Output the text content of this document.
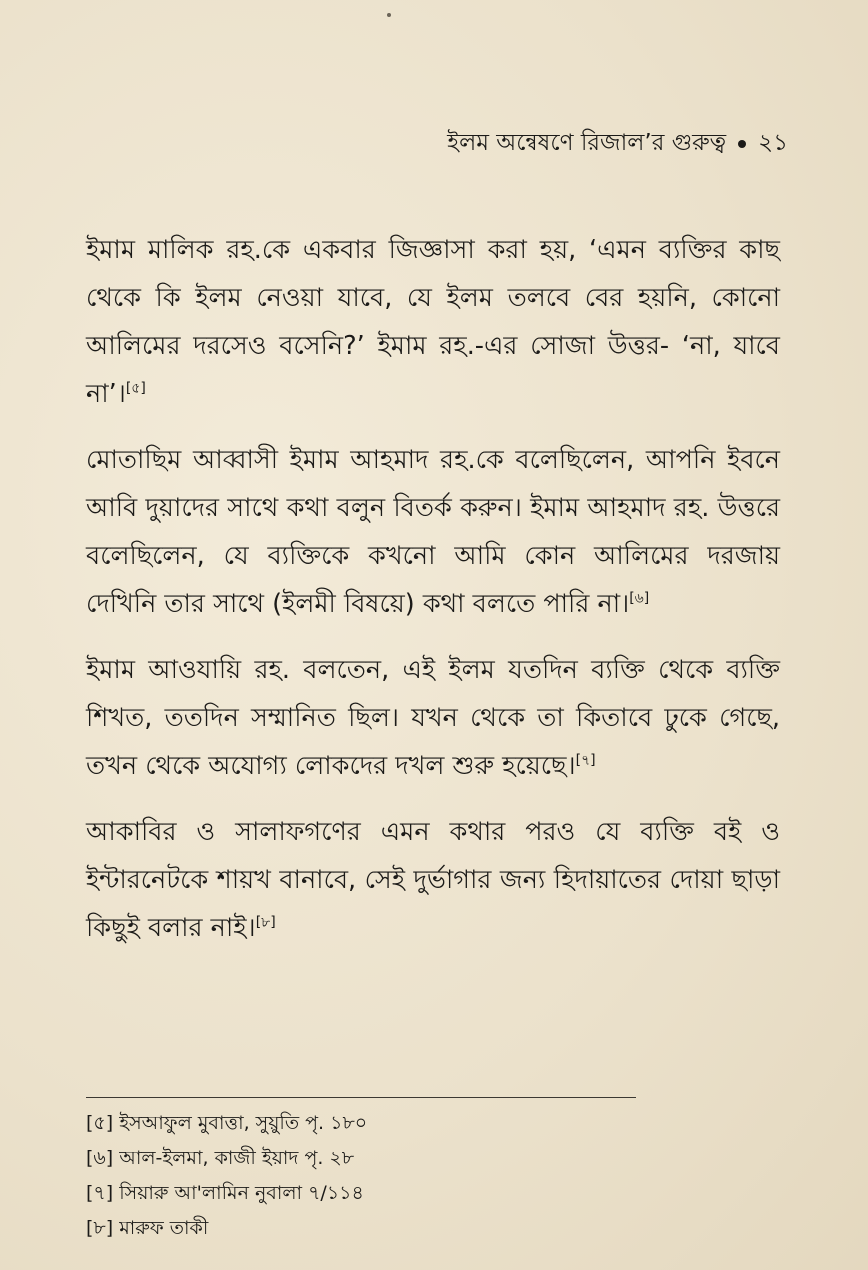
ইলম অন্বেষণে রিজাল’র গুরুত্ব ২১

ইমাম মালিক রহ.কে একবার জিজ্ঞাসা করা হয়, ‘এমন ব্যক্তির কাছ থেকে কি ইলম নেওয়া যাবে, যে ইলম তলবে বের হয়নি, কোনো আলিমের দরসেও বসেনি?’ ইমাম রহ.-এর সোজা উত্তর- ‘না, যাবে না’।[৫]

মোতাছিম আব্বাসী ইমাম আহমাদ রহ.কে বলেছিলেন, আপনি ইবনে আবি দুয়াদের সাথে কথা বলুন বিতর্ক করুন। ইমাম আহমাদ রহ. উত্তরে বলেছিলেন, যে ব্যক্তিকে কখনো আমি কোন আলিমের দরজায় দেখিনি তার সাথে (ইলমী বিষয়ে) কথা বলতে পারি না।[৬]

ইমাম আওযায়ি রহ. বলতেন, এই ইলম যতদিন ব্যক্তি থেকে ব্যক্তি শিখত, ততদিন সম্মানিত ছিল। যখন থেকে তা কিতাবে ঢুকে গেছে, তখন থেকে অযোগ্য লোকদের দখল শুরু হয়েছে।[৭]

আকাবির ও সালাফগণের এমন কথার পরও যে ব্যক্তি বই ও ইন্টারনেটকে শায়খ বানাবে, সেই দুর্ভাগার জন্য হিদায়াতের দোয়া ছাড়া কিছুই বলার নাই।[৮]

[৫] ইসআফুল মুবাত্তা, সুয়ুতি পৃ. ১৮০
[৬] আল-ইলমা, কাজী ইয়াদ পৃ. ২৮
[৭] সিয়ারু আ'লামিন নুবালা ৭/১১৪
[৮] মারুফ তাকী
